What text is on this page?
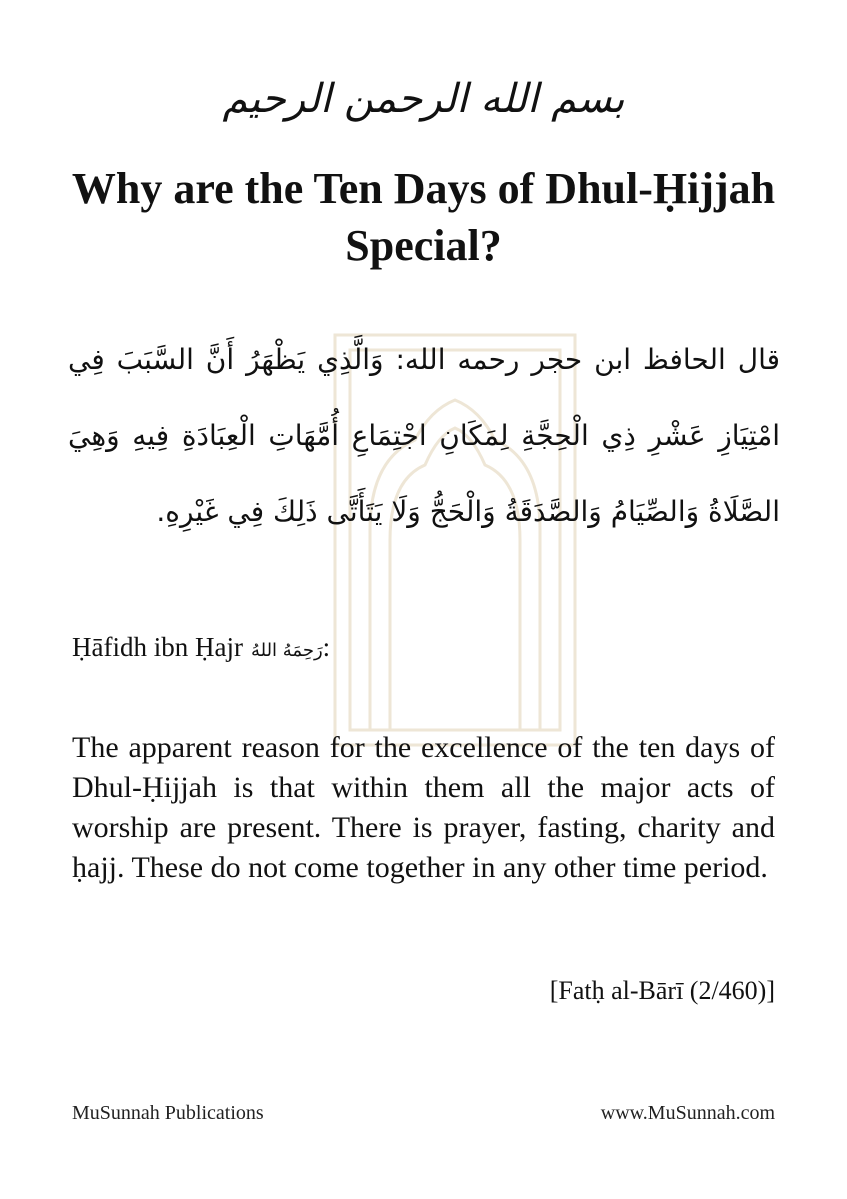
بسم الله الرحمن الرحيم
Why are the Ten Days of Dhul-Ḥijjah
Special?
قال الحافظ ابن حجر رحمه الله: وَالَّذِي يَظْهَرُ أَنَّ السَّبَبَ فِي امْتِيَازِ عَشْرِ ذِي الْحِجَّةِ لِمَكَانِ اجْتِمَاعِ أُمَّهَاتِ الْعِبَادَةِ فِيهِ وَهِيَ الصَّلَاةُ وَالصِّيَامُ وَالصَّدَقَةُ وَالْحَجُّ وَلَا يَتَأَتَّى ذَلِكَ فِي غَيْرِهِ.
Ḥāfidh ibn Ḥajr رَحِمَهُ اللهُ:
The apparent reason for the excellence of the ten days of Dhul-Ḥijjah is that within them all the major acts of worship are present. There is prayer, fasting, charity and ḥajj. These do not come together in any other time period.
[Fatḥ al-Bārī (2/460)]
MuSunnah Publications	www.MuSunnah.com
